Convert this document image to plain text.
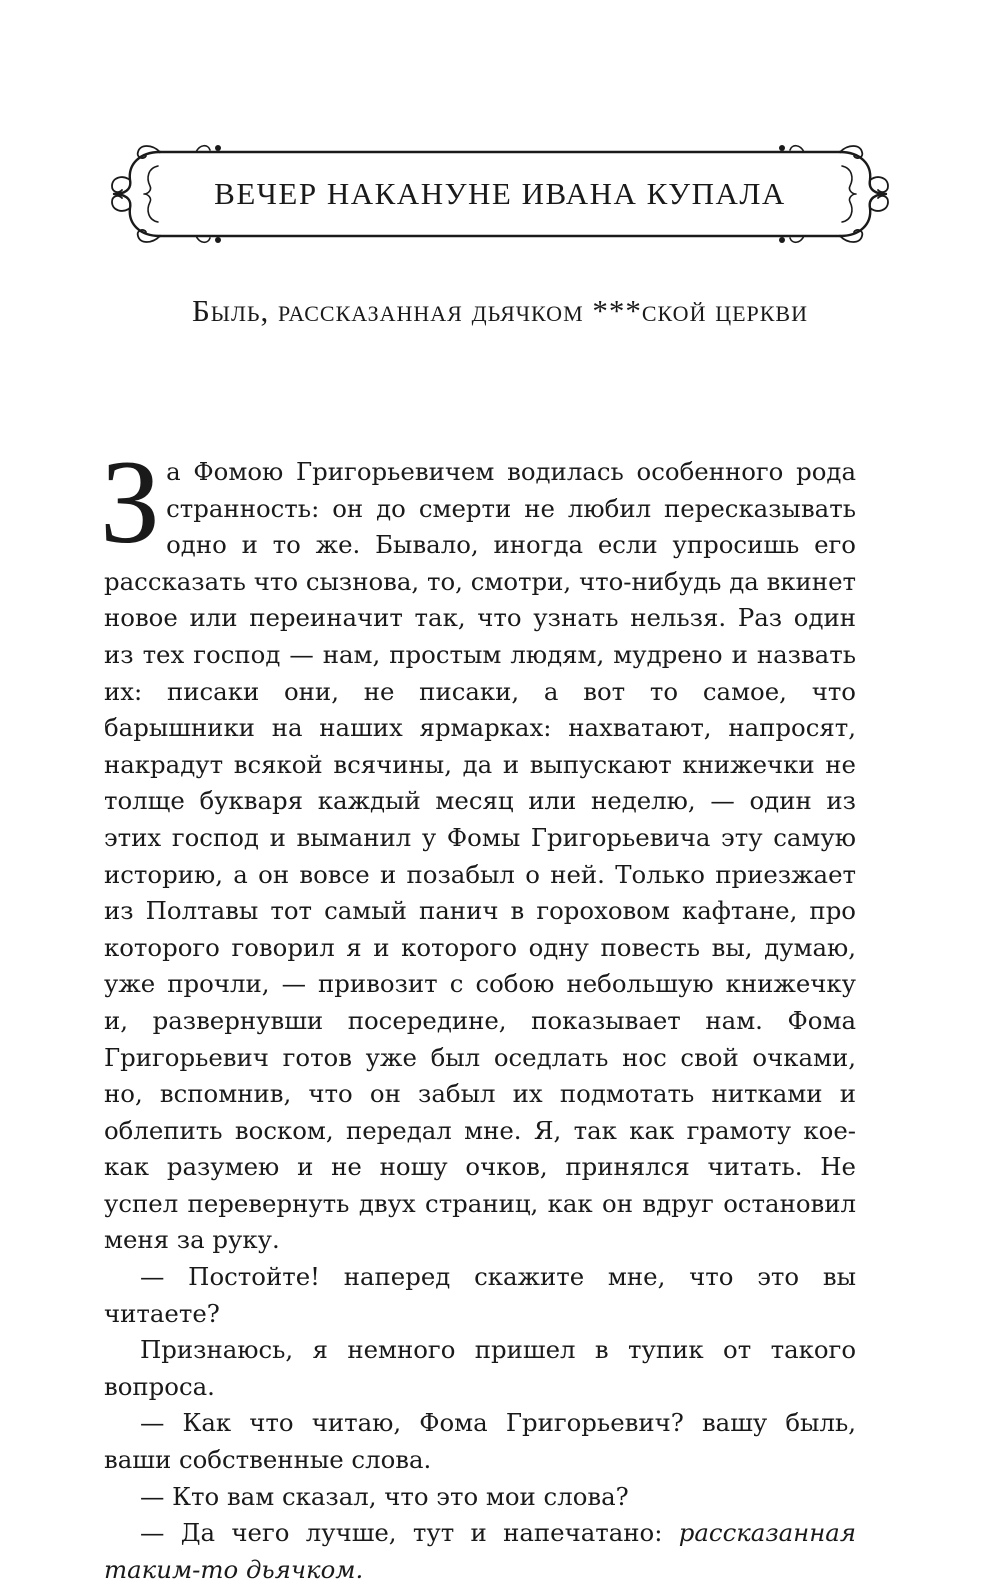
ВЕЧЕР НАКАНУНЕ ИВАНА КУПАЛА
Быль, рассказанная дьячком ***ской церкви

За Фомою Григорьевичем водилась особенного рода странность: он до смерти не любил пересказывать одно и то же. Бывало, иногда если упросишь его рассказать что сызнова, то, смотри, что-нибудь да вкинет новое или переиначит так, что узнать нельзя. Раз один из тех господ — нам, простым людям, мудрено и назвать их: писаки они, не писаки, а вот то самое, что барышники на наших ярмарках: нахватают, напросят, накрадут всякой всячины, да и выпускают книжечки не толще букваря каждый месяц или неделю, — один из этих господ и выманил у Фомы Григорьевича эту самую историю, а он вовсе и позабыл о ней. Только приезжает из Полтавы тот самый панич в гороховом кафтане, про которого говорил я и которого одну повесть вы, думаю, уже прочли, — привозит с собою небольшую книжечку и, развернувши посередине, показывает нам. Фома Григорьевич готов уже был оседлать нос свой очками, но, вспомнив, что он забыл их подмотать нитками и облепить воском, передал мне. Я, так как грамоту кое-как разумею и не ношу очков, принялся читать. Не успел перевернуть двух страниц, как он вдруг остановил меня за руку.

— Постойте! наперед скажите мне, что это вы читаете?

Признаюсь, я немного пришел в тупик от такого вопроса.

— Как что читаю, Фома Григорьевич? вашу быль, ваши собственные слова.

— Кто вам сказал, что это мои слова?

— Да чего лучше, тут и напечатано: рассказанная таким-то дьячком.
